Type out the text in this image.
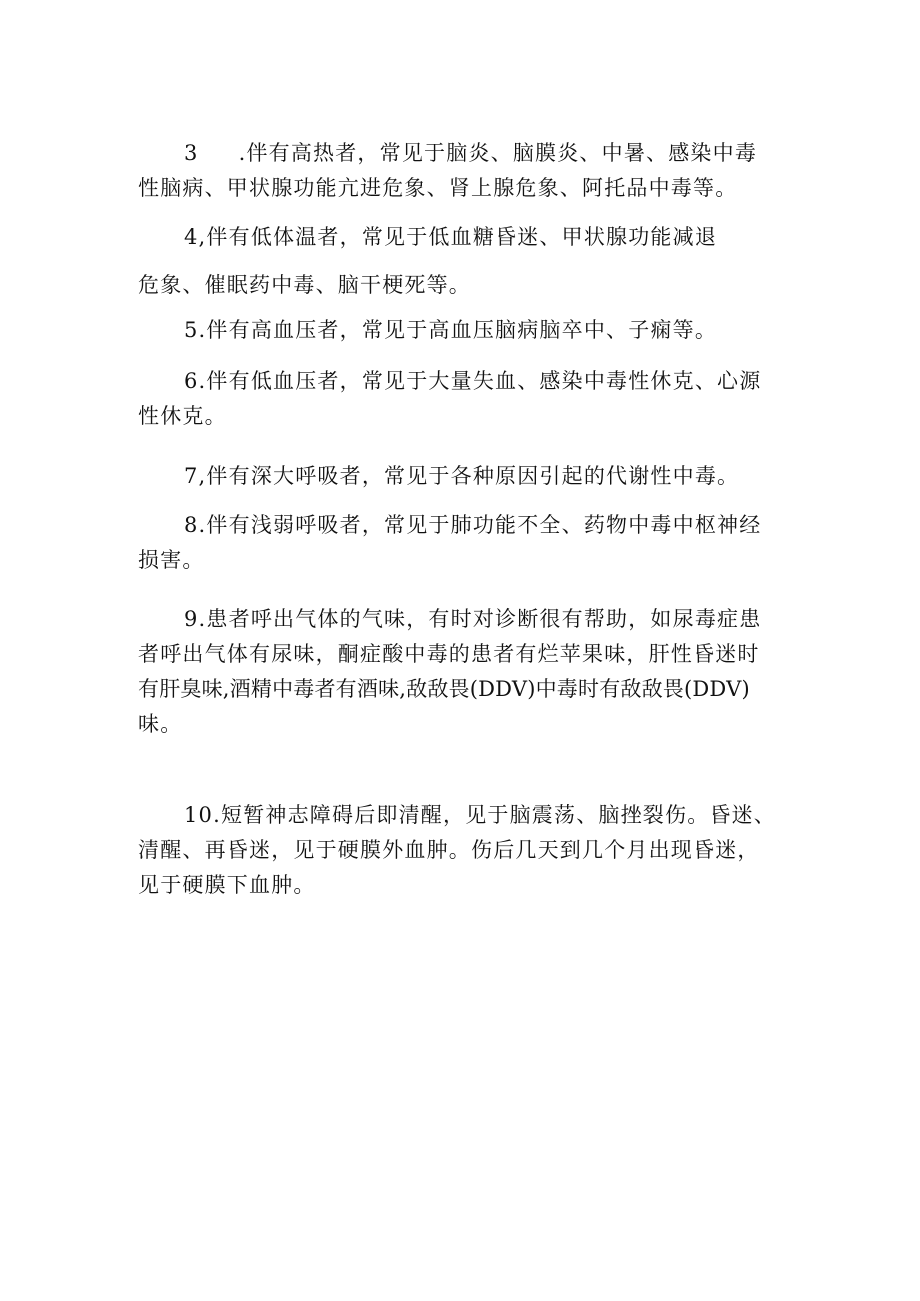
3 .伴有高热者，常见于脑炎、脑膜炎、中暑、感染中毒
性脑病、甲状腺功能亢进危象、肾上腺危象、阿托品中毒等。
4,伴有低体温者，常见于低血糖昏迷、甲状腺功能减退
危象、催眠药中毒、脑干梗死等。
5.伴有高血压者，常见于高血压脑病脑卒中、子痫等。
6.伴有低血压者，常见于大量失血、感染中毒性休克、心源
性休克。
7,伴有深大呼吸者，常见于各种原因引起的代谢性中毒。
8.伴有浅弱呼吸者，常见于肺功能不全、药物中毒中枢神经
损害。
9.患者呼出气体的气味，有时对诊断很有帮助，如尿毒症患
者呼出气体有尿味，酮症酸中毒的患者有烂苹果味，肝性昏迷时
有肝臭味,酒精中毒者有酒味,敌敌畏(DDV)中毒时有敌敌畏(DDV)
味。
10.短暂神志障碍后即清醒，见于脑震荡、脑挫裂伤。昏迷、
清醒、再昏迷，见于硬膜外血肿。伤后几天到几个月出现昏迷，
见于硬膜下血肿。
